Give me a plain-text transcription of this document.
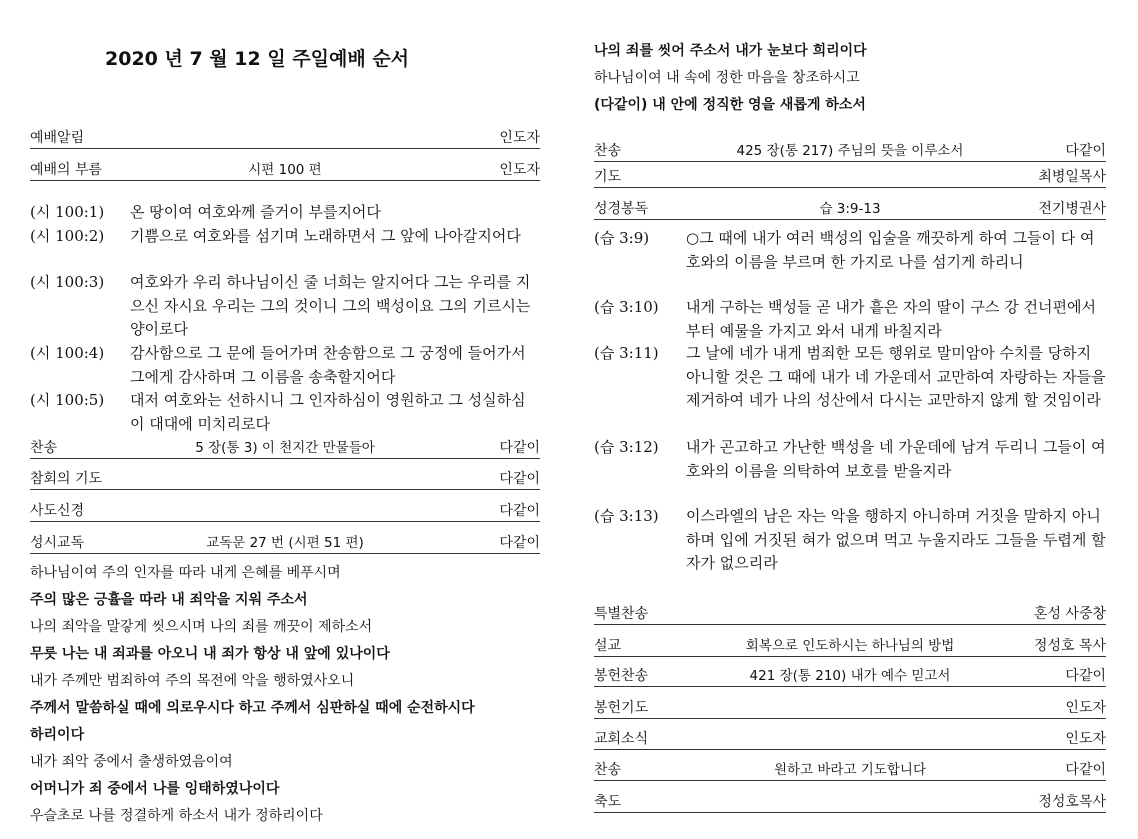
2020 년 7 월 12 일 주일예배 순서
예배알림	인도자
예배의 부름	시편 100 편	인도자
(시 100:1) 온 땅이여 여호와께 즐거이 부를지어다
(시 100:2) 기쁨으로 여호와를 섬기며 노래하면서 그 앞에 나아갈지어다
(시 100:3) 여호와가 우리 하나님이신 줄 너희는 알지어다 그는 우리를 지으신 자시요 우리는 그의 것이니 그의 백성이요 그의 기르시는 양이로다
(시 100:4) 감사함으로 그 문에 들어가며 찬송함으로 그 궁정에 들어가서 그에게 감사하며 그 이름을 송축할지어다
(시 100:5) 대저 여호와는 선하시니 그 인자하심이 영원하고 그 성실하심이 대대에 미치리로다
찬송	5 장(통 3) 이 천지간 만물들아	다같이
참회의 기도	다같이
사도신경	다같이
성시교독	교독문 27 번 (시편 51 편)	다같이
하나님이여 주의 인자를 따라 내게 은혜를 베푸시며
주의 많은 긍휼을 따라 내 죄악을 지워 주소서
나의 죄악을 말갛게 씻으시며 나의 죄를 깨끗이 제하소서
무릇 나는 내 죄과를 아오니 내 죄가 항상 내 앞에 있나이다
내가 주께만 범죄하여 주의 목전에 악을 행하였사오니
주께서 말씀하실 때에 의로우시다 하고 주께서 심판하실 때에 순전하시다
하리이다
내가 죄악 중에서 출생하였음이여
어머니가 죄 중에서 나를 잉태하였나이다
우슬초로 나를 정결하게 하소서 내가 정하리이다
나의 죄를 씻어 주소서 내가 눈보다 희리이다
하나님이여 내 속에 정한 마음을 창조하시고
(다같이) 내 안에 정직한 영을 새롭게 하소서
찬송	425 장(통 217) 주님의 뜻을 이루소서	다같이
기도	최병일목사
성경봉독	습 3:9-13	전기병권사
(습 3:9) ○그 때에 내가 여러 백성의 입술을 깨끗하게 하여 그들이 다 여호와의 이름을 부르며 한 가지로 나를 섬기게 하리니
(습 3:10) 내게 구하는 백성들 곧 내가 흩은 자의 딸이 구스 강 건너편에서부터 예물을 가지고 와서 내게 바칠지라
(습 3:11) 그 날에 네가 내게 범죄한 모든 행위로 말미암아 수치를 당하지 아니할 것은 그 때에 내가 네 가운데서 교만하여 자랑하는 자들을 제거하여 네가 나의 성산에서 다시는 교만하지 않게 할 것임이라
(습 3:12) 내가 곤고하고 가난한 백성을 네 가운데에 남겨 두리니 그들이 여호와의 이름을 의탁하여 보호를 받을지라
(습 3:13) 이스라엘의 남은 자는 악을 행하지 아니하며 거짓을 말하지 아니하며 입에 거짓된 혀가 없으며 먹고 누울지라도 그들을 두렵게 할 자가 없으리라
특별찬송	혼성 사중창
설교	회복으로 인도하시는 하나님의 방법	정성호 목사
봉헌찬송	421 장(통 210) 내가 예수 믿고서	다같이
봉헌기도	인도자
교회소식	인도자
찬송	원하고 바라고 기도합니다	다같이
축도	정성호목사
